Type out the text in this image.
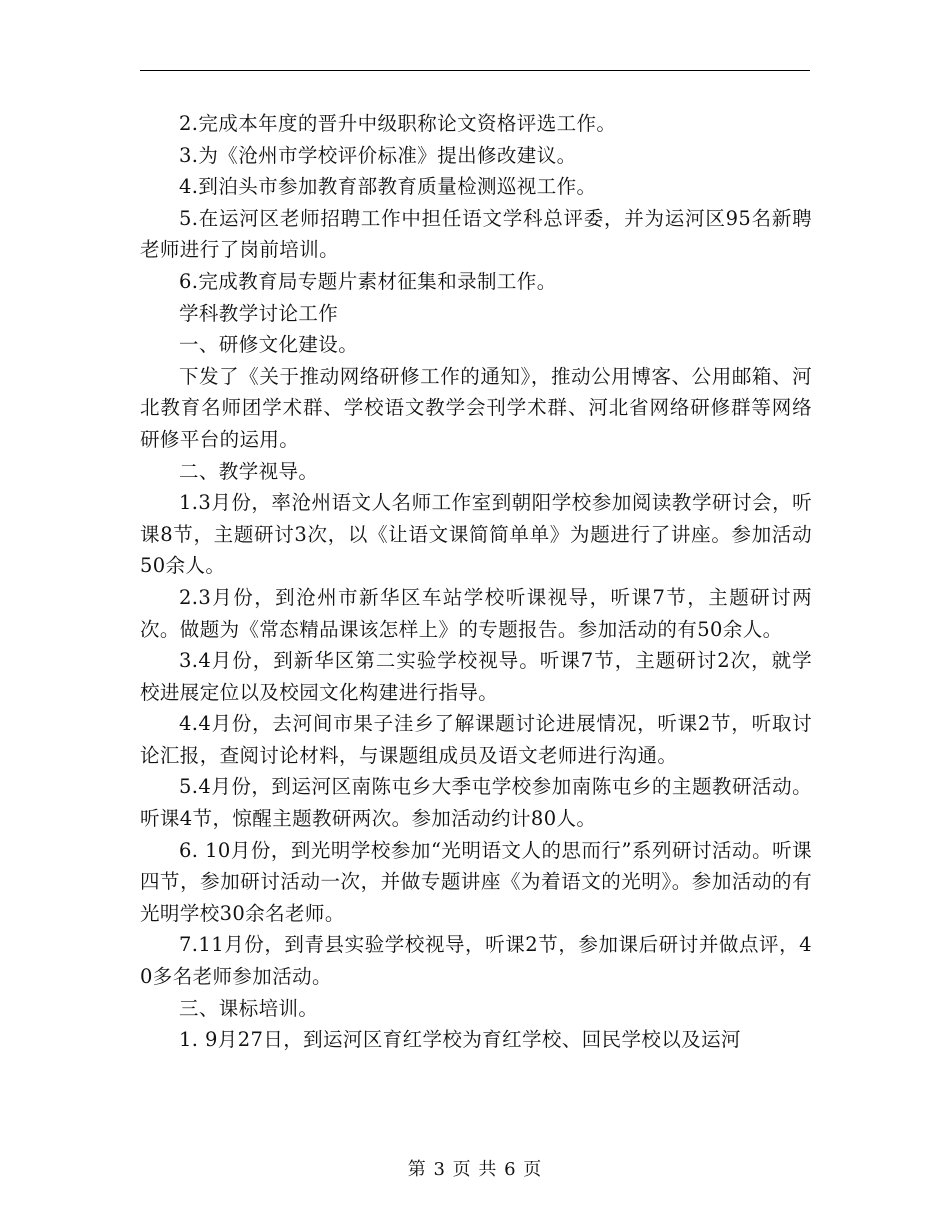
2.完成本年度的晋升中级职称论文资格评选工作。

3.为《沧州市学校评价标准》提出修改建议。

4.到泊头市参加教育部教育质量检测巡视工作。

5.在运河区老师招聘工作中担任语文学科总评委，并为运河区95名新聘老师进行了岗前培训。

6.完成教育局专题片素材征集和录制工作。

学科教学讨论工作

一、研修文化建设。

下发了《关于推动网络研修工作的通知》，推动公用博客、公用邮箱、河北教育名师团学术群、学校语文教学会刊学术群、河北省网络研修群等网络研修平台的运用。

二、教学视导。

1.3月份，率沧州语文人名师工作室到朝阳学校参加阅读教学研讨会，听课8节，主题研讨3次，以《让语文课简简单单》为题进行了讲座。参加活动50余人。

2.3月份，到沧州市新华区车站学校听课视导，听课7节，主题研讨两次。做题为《常态精品课该怎样上》的专题报告。参加活动的有50余人。

3.4月份，到新华区第二实验学校视导。听课7节，主题研讨2次，就学校进展定位以及校园文化构建进行指导。

4.4月份，去河间市果子洼乡了解课题讨论进展情况，听课2节，听取讨论汇报，查阅讨论材料，与课题组成员及语文老师进行沟通。

5.4月份，到运河区南陈屯乡大季屯学校参加南陈屯乡的主题教研活动。听课4节，惊醒主题教研两次。参加活动约计80人。

6. 10月份，到光明学校参加“光明语文人的思而行”系列研讨活动。听课四节，参加研讨活动一次，并做专题讲座《为着语文的光明》。参加活动的有光明学校30余名老师。

7.11月份，到青县实验学校视导，听课2节，参加课后研讨并做点评，40多名老师参加活动。

三、课标培训。

1. 9月27日，到运河区育红学校为育红学校、回民学校以及运河

第 3 页 共 6 页
